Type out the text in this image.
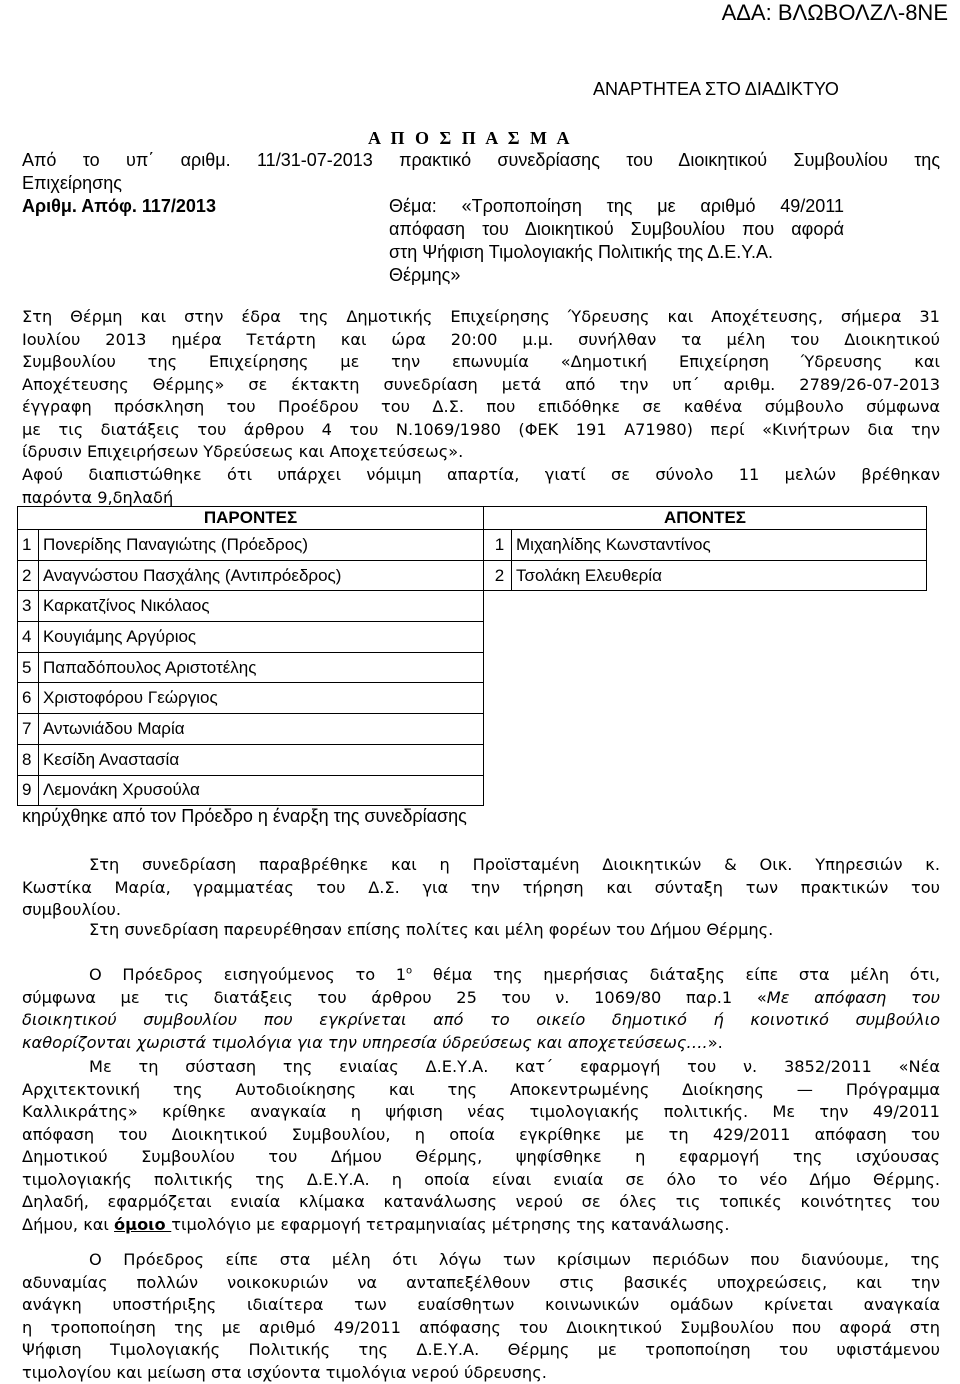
ΑΔΑ: ΒΛΩΒΟΛΖΛ-8ΝΕ
ΑΝΑΡΤΗΤΕΑ ΣΤΟ ΔΙΑΔΙΚΤΥΟ
Α Π Ο Σ Π Α Σ Μ Α
Από το υπ΄ αριθμ. 11/31-07-2013 πρακτικό συνεδρίασης του Διοικητικού Συμβουλίου της
Επιχείρησης
Αριθμ. Απόφ. 117/2013	Θέμα: «Τροποποίηση της με αριθμό 49/2011
απόφαση του Διοικητικού Συμβουλίου που αφορά
στη Ψήφιση Τιμολογιακής Πολιτικής της Δ.Ε.Υ.Α.
Θέρμης»
Στη Θέρμη και στην έδρα της Δημοτικής Επιχείρησης Ύδρευσης και Αποχέτευσης, σήμερα 31
Ιουλίου 2013 ημέρα Τετάρτη και ώρα 20:00 μ.μ. συνήλθαν τα μέλη του Διοικητικού
Συμβουλίου της Επιχείρησης με την επωνυμία «Δημοτική Επιχείρηση Ύδρευσης και
Αποχέτευσης Θέρμης» σε έκτακτη συνεδρίαση μετά από την υπ΄ αριθμ. 2789/26-07-2013
έγγραφη πρόσκληση του Προέδρου του Δ.Σ. που επιδόθηκε σε καθένα σύμβουλο σύμφωνα
με τις διατάξεις του άρθρου 4 του Ν.1069/1980 (ΦΕΚ 191 Α71980) περί «Κινήτρων δια την
ίδρυσιν Επιχειρήσεων Υδρεύσεως και Αποχετεύσεως».
Αφού διαπιστώθηκε ότι υπάρχει νόμιμη απαρτία, γιατί σε σύνολο 11 μελών βρέθηκαν
παρόντα 9,δηλαδή
ΠΑΡΟΝΤΕΣ		ΑΠΟΝΤΕΣ	
1	Πονερίδης Παναγιώτης (Πρόεδρος)	1	Μιχαηλίδης Κωνσταντίνος
2	Αναγνώστου Πασχάλης (Αντιπρόεδρος)	2	Τσολάκη Ελευθερία
3	Καρκατζίνος Νικόλαος		
4	Κουγιάμης Αργύριος		
5	Παπαδόπουλος Αριστοτέλης		
6	Χριστοφόρου Γεώργιος		
7	Αντωνιάδου Μαρία		
8	Κεσίδη Αναστασία		
9	Λεμονάκη Χρυσούλα		
κηρύχθηκε από τον Πρόεδρο η έναρξη της συνεδρίασης
Στη συνεδρίαση παραβρέθηκε και η Προϊσταμένη Διοικητικών & Οικ. Υπηρεσιών κ.
Κωστίκα Μαρία, γραμματέας του Δ.Σ. για την τήρηση και σύνταξη των πρακτικών του
συμβουλίου.
Στη συνεδρίαση παρευρέθησαν επίσης πολίτες και μέλη φορέων του Δήμου Θέρμης.
Ο Πρόεδρος εισηγούμενος το $1^o$ θέμα της ημερήσιας διάταξης είπε στα μέλη ότι,
σύμφωνα με τις διατάξεις του άρθρου 25 του ν. 1069/80 παρ.1 «Με απόφαση του
διοικητικού συμβουλίου που εγκρίνεται από το οικείο δημοτικό ή κοινοτικό συμβούλιο
καθορίζονται χωριστά τιμολόγια για την υπηρεσία ύδρεύσεως και αποχετεύσεως….».
Με τη σύσταση της ενιαίας Δ.Ε.Υ.Α. κατ΄ εφαρμογή του ν. 3852/2011 «Νέα
Αρχιτεκτονική της Αυτοδιοίκησης και της Αποκεντρωμένης Διοίκησης — Πρόγραμμα
Καλλικράτης» κρίθηκε αναγκαία η ψήφιση νέας τιμολογιακής πολιτικής. Με την 49/2011
απόφαση του Διοικητικού Συμβουλίου, η οποία εγκρίθηκε με τη 429/2011 απόφαση του
Δημοτικού Συμβουλίου του Δήμου Θέρμης, ψηφίσθηκε η εφαρμογή της ισχύουσας
τιμολογιακής πολιτικής της Δ.Ε.Υ.Α. η οποία είναι ενιαία σε όλο το νέο Δήμο Θέρμης.
Δηλαδή, εφαρμόζεται ενιαία κλίμακα κατανάλωσης νερού σε όλες τις τοπικές κοινότητες του
Δήμου, και όμοιο τιμολόγιο με εφαρμογή τετραμηνιαίας μέτρησης της κατανάλωσης.
Ο Πρόεδρος είπε στα μέλη ότι λόγω των κρίσιμων περιόδων που διανύουμε, της
αδυναμίας πολλών νοικοκυριών να ανταπεξέλθουν στις βασικές υποχρεώσεις, και την
ανάγκη υποστήριξης ιδιαίτερα των ευαίσθητων κοινωνικών ομάδων κρίνεται αναγκαία
η τροποποίηση της με αριθμό 49/2011 απόφασης του Διοικητικού Συμβουλίου που αφορά στη
Ψήφιση Τιμολογιακής Πολιτικής της Δ.Ε.Υ.Α. Θέρμης με τροποποίηση του υφιστάμενου
τιμολογίου και μείωση στα ισχύοντα τιμολόγια νερού ύδρευσης.
